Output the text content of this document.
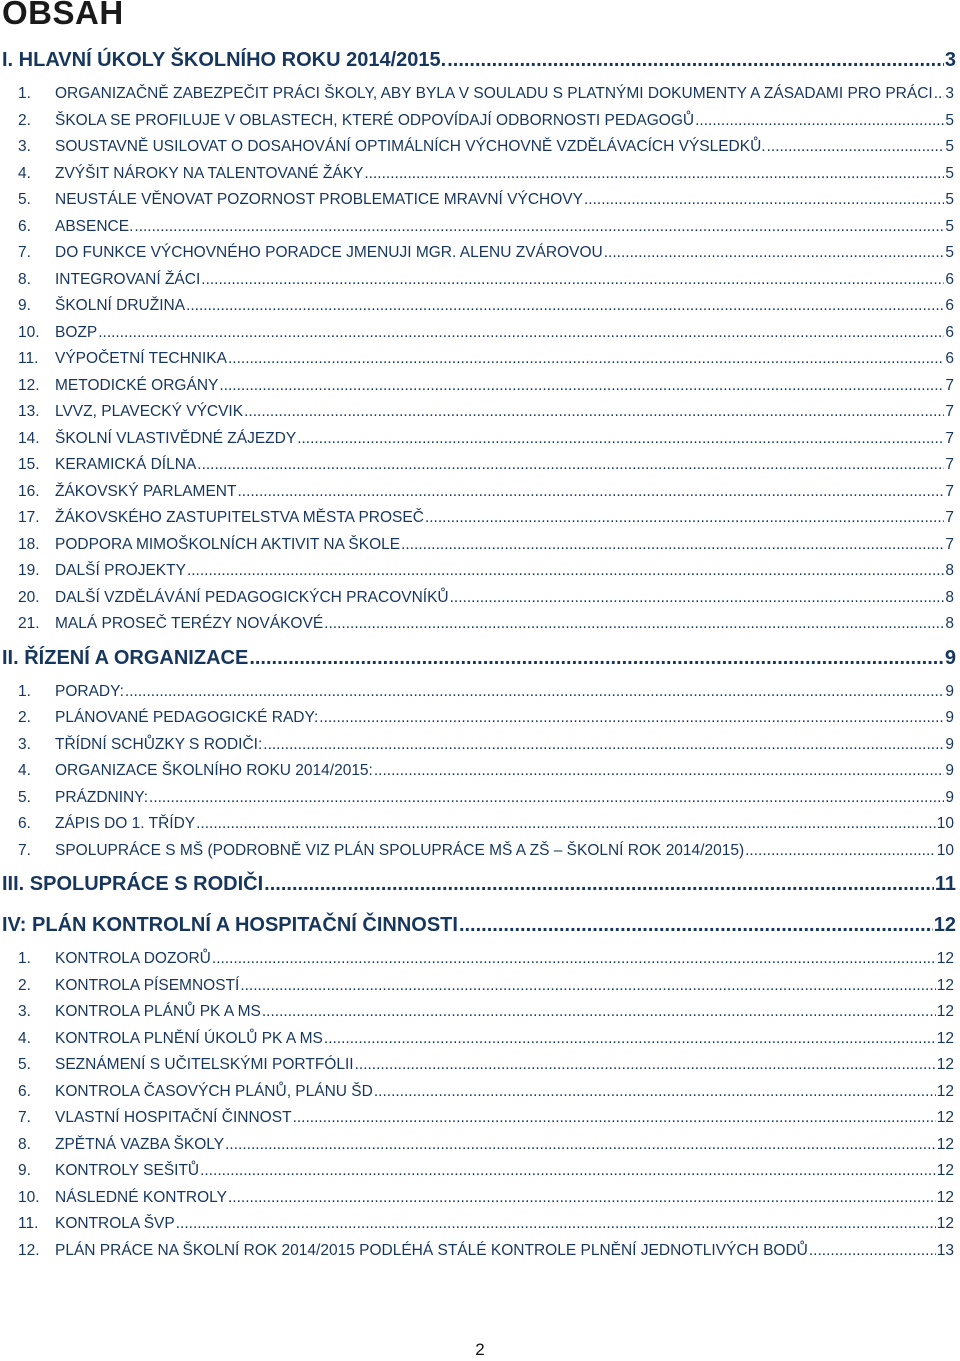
OBSAH
I. HLAVNÍ ÚKOLY ŠKOLNÍHO ROKU 2014/2015. .....	3
1.	ORGANIZAČNĚ ZABEZPEČIT PRÁCI ŠKOLY, ABY BYLA V SOULADU S PLATNÝMI DOKUMENTY A ZÁSADAMI PRO PRÁCI ..... 3
2.	ŠKOLA SE PROFILUJE V OBLASTECH, KTERÉ ODPOVÍDAJÍ ODBORNOSTI PEDAGOGŮ .....	5
3.	SOUSTAVNĚ USILOVAT O DOSAHOVÁNÍ OPTIMÁLNÍCH VÝCHOVNĚ VZDĚLÁVACÍCH VÝSLEDKŮ. .....	5
4.	ZVÝŠIT NÁROKY NA TALENTOVANÉ ŽÁKY .....	5
5.	NEUSTÁLE VĚNOVAT POZORNOST PROBLEMATICE MRAVNÍ VÝCHOVY .....	5
6.	ABSENCE. .....	5
7.	DO FUNKCE VÝCHOVNÉHO PORADCE JMENUJI MGR. ALENU ZVÁROVOU .....	5
8.	INTEGROVANÍ ŽÁCI .....	6
9.	ŠKOLNÍ DRUŽINA .....	6
10. BOZP .....	6
11.	VÝPOČETNÍ TECHNIKA .....	6
12. METODICKÉ ORGÁNY .....	7
13. LVVZ, PLAVECKÝ VÝCVIK .....	7
14. ŠKOLNÍ VLASTIVĚDNÉ ZÁJEZDY .....	7
15. KERAMICKÁ DÍLNA .....	7
16. ŽÁKOVSKÝ PARLAMENT .....	7
17. ŽÁKOVSKÉHO ZASTUPITELSTVA MĚSTA PROSEČ .....	7
18. PODPORA MIMOŠKOLNÍCH AKTIVIT NA ŠKOLE .....	7
19. DALŠÍ PROJEKTY .....	8
20. DALŠÍ VZDĚLÁVÁNÍ PEDAGOGICKÝCH PRACOVNÍKŮ .....	8
21. MALÁ PROSEČ TERÉZY NOVÁKOVÉ .....	8
II. ŘÍZENÍ A ORGANIZACE .....	9
1.	PORADY: .....	9
2.	PLÁNOVANÉ PEDAGOGICKÉ RADY: .....	9
3.	TŘÍDNÍ SCHŮZKY S RODIČI: .....	9
4.	ORGANIZACE ŠKOLNÍHO ROKU 2014/2015: .....	9
5.	PRÁZDNINY: .....	9
6.	ZÁPIS DO 1. TŘÍDY .....	10
7.	SPOLUPRÁCE S MŠ (PODROBNĚ VIZ PLÁN SPOLUPRÁCE MŠ A ZŠ – ŠKOLNÍ ROK 2014/2015) .....	10
III. SPOLUPRÁCE S RODIČI .....	11
IV: PLÁN KONTROLNÍ A HOSPITAČNÍ ČINNOSTI .....	12
1.	KONTROLA DOZORŮ .....	12
2.	KONTROLA PÍSEMNOSTÍ .....	12
3.	KONTROLA PLÁNŮ PK A MS .....	12
4.	KONTROLA PLNĚNÍ ÚKOLŮ PK A MS .....	12
5.	SEZNÁMENÍ S UČITELSKÝMI PORTFÓLII .....	12
6.	KONTROLA ČASOVÝCH PLÁNŮ, PLÁNU ŠD .....	12
7.	VLASTNÍ HOSPITAČNÍ ČINNOST .....	12
8.	ZPĚTNÁ VAZBA ŠKOLY .....	12
9.	KONTROLY SEŠITŮ .....	12
10. NÁSLEDNÉ KONTROLY .....	12
11.	KONTROLA ŠVP .....	12
12. PLÁN PRÁCE NA ŠKOLNÍ ROK 2014/2015 PODLÉHÁ STÁLÉ KONTROLE PLNĚNÍ JEDNOTLIVÝCH BODŮ .....	13
2
